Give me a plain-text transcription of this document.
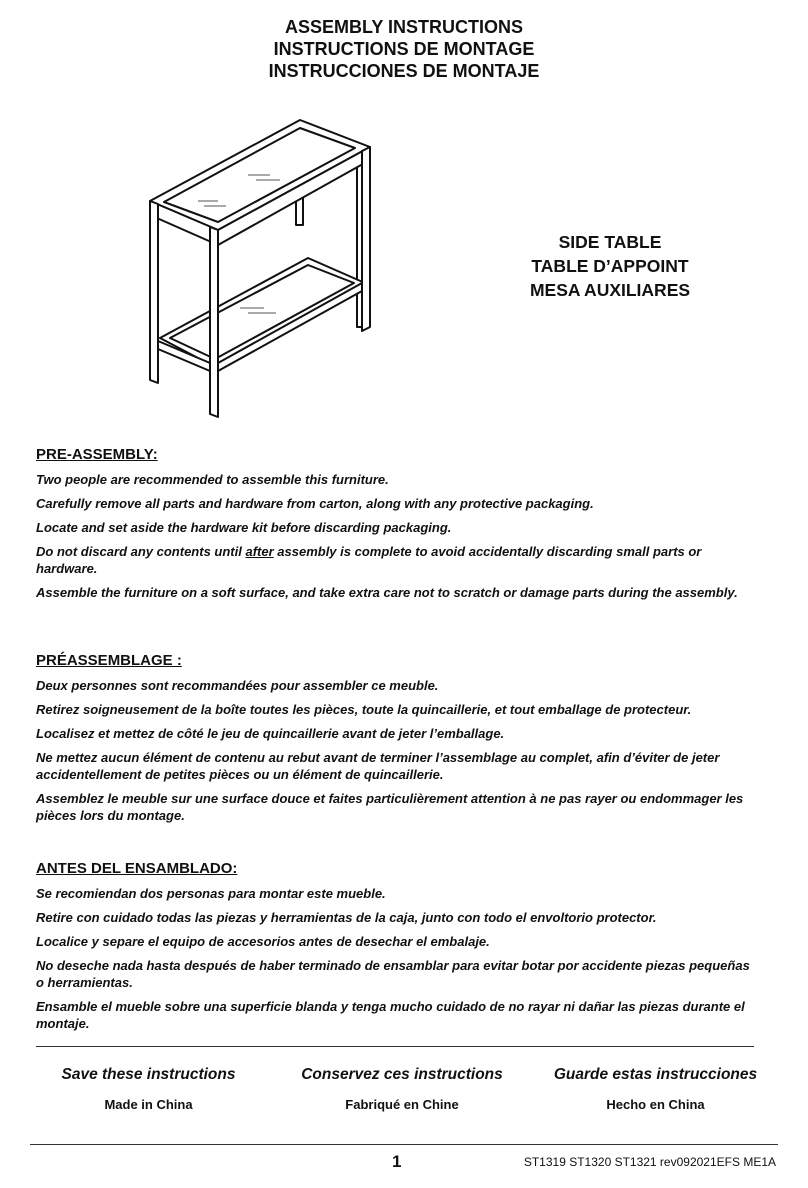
ASSEMBLY INSTRUCTIONS
INSTRUCTIONS DE MONTAGE
INSTRUCCIONES DE MONTAJE
SIDE TABLE
TABLE D’APPOINT
MESA AUXILIARES
PRE-ASSEMBLY:

Two people are recommended to assemble this furniture.

Carefully remove all parts and hardware from carton, along with any protective packaging.

Locate and set aside the hardware kit before discarding packaging.

Do not discard any contents until after assembly is complete to avoid accidentally discarding small parts or hardware.

Assemble the furniture on a soft surface, and take extra care not to scratch or damage parts during the assembly.

PRÉASSEMBLAGE :

Deux personnes sont recommandées pour assembler ce meuble.

Retirez soigneusement de la boîte toutes les pièces, toute la quincaillerie, et tout emballage de protecteur.

Localisez et mettez de côté le jeu de quincaillerie avant de jeter l’emballage.

Ne mettez aucun élément de contenu au rebut avant de terminer l’assemblage au complet, afin d’éviter de jeter accidentellement de petites pièces ou un élément de quincaillerie.

Assemblez le meuble sur une surface douce et faites particulièrement attention à ne pas rayer ou endommager les pièces lors du montage.

ANTES DEL ENSAMBLADO:

Se recomiendan dos personas para montar este mueble.

Retire con cuidado todas las piezas y herramientas de la caja, junto con todo el envoltorio protector.

Localice y separe el equipo de accesorios antes de desechar el embalaje.

No deseche nada hasta después de haber terminado de ensamblar para evitar botar por accidente piezas pequeñas o herramientas.

Ensamble el mueble sobre una superficie blanda y tenga mucho cuidado de no rayar ni dañar las piezas durante el montaje.

Save these instructions	Conservez ces instructions	Guarde estas instrucciones
Made in China	Fabriqué en Chine	Hecho en China
1	ST1319 ST1320 ST1321 rev092021EFS ME1A
